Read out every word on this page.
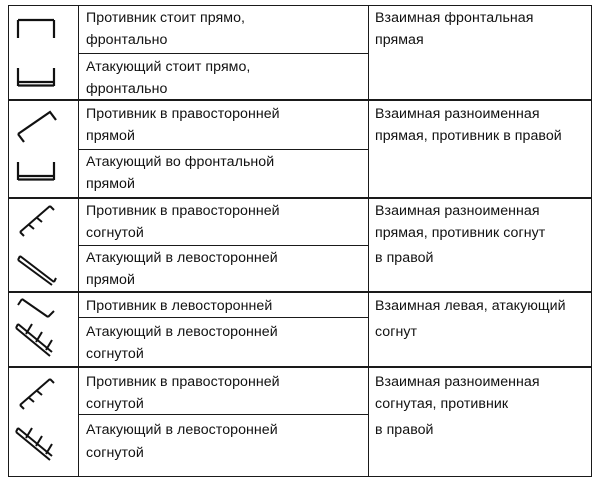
Противник стоит прямо,
фронтально
Атакующий стоит прямо,
фронтально
Взаимная фронтальная
прямая
Противник в правосторонней
прямой
Атакующий во фронтальной
прямой
Взаимная разноименная
прямая, противник в правой
Противник в правосторонней
согнутой
Атакующий в левосторонней
прямой
Взаимная разноименная
прямая, противник согнут
в правой
Противник в левосторонней
Атакующий в левосторонней
согнутой
Взаимная левая, атакующий
согнут
Противник в правосторонней
согнутой
Атакующий в левосторонней
согнутой
Взаимная разноименная
согнутая, противник
в правой
